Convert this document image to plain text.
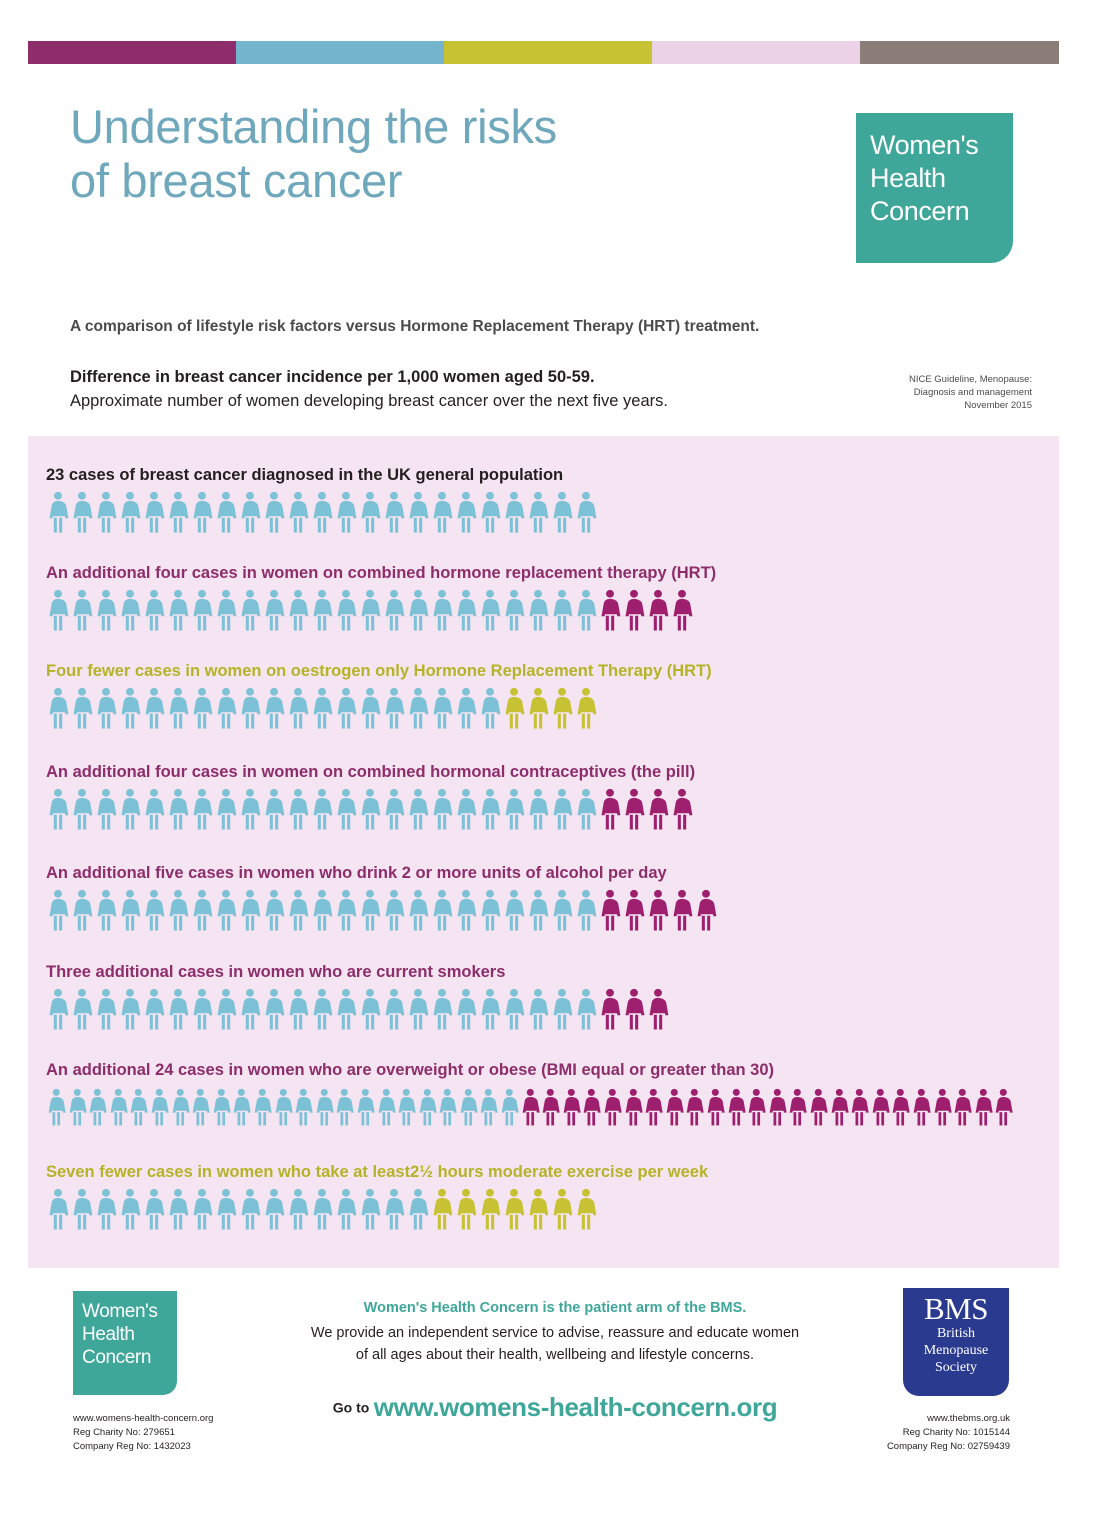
Understanding the risks
of breast cancer
Women's
Health
Concern
A comparison of lifestyle risk factors versus Hormone Replacement Therapy (HRT) treatment.
Difference in breast cancer incidence per 1,000 women aged 50-59.
Approximate number of women developing breast cancer over the next five years.
NICE Guideline, Menopause:
Diagnosis and management
November 2015
23 cases of breast cancer diagnosed in the UK general population
An additional four cases in women on combined hormone replacement therapy (HRT)
Four fewer cases in women on oestrogen only Hormone Replacement Therapy (HRT)
An additional four cases in women on combined hormonal contraceptives (the pill)
An additional five cases in women who drink 2 or more units of alcohol per day
Three additional cases in women who are current smokers
An additional 24 cases in women who are overweight or obese (BMI equal or greater than 30)
Seven fewer cases in women who take at least2½ hours moderate exercise per week
Women's
Health
Concern
Women's Health Concern is the patient arm of the BMS.
We provide an independent service to advise, reassure and educate women
of all ages about their health, wellbeing and lifestyle concerns.
Go to www.womens-health-concern.org
www.womens-health-concern.org
Reg Charity No: 279651
Company Reg No: 1432023
BMS
British
Menopause
Society
www.thebms.org.uk
Reg Charity No: 1015144
Company Reg No: 02759439
